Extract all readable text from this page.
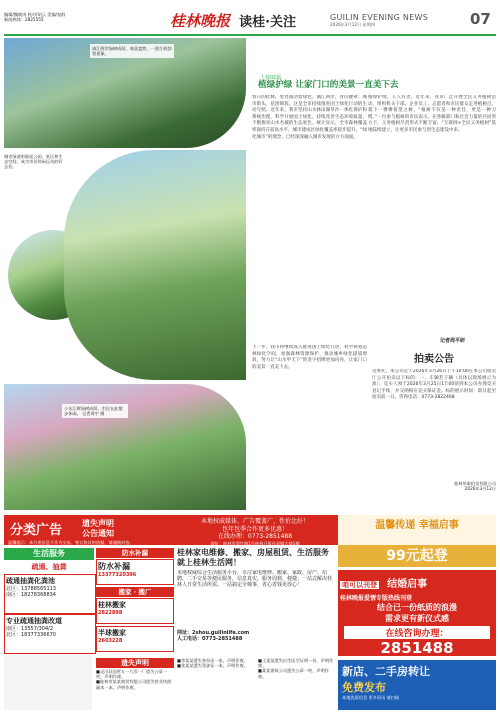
编辑/魏晓涛 校对/胡云 美编/莫群
新闻热线：2825555	桂林晚报 读桂·关注	GUILIN EVENING NEWS
2026年3月12日 星期四	07
漓江两岸绿树成荫，春意盎然，一派生机勃勃景象。
城市绿道串联起公园、景区和生态空间，成为市民休闲运动的好去处。
小东江畔绿树成荫，市民在此散步休闲。 记者周宇 摄
上接01版
植绿护绿 让家门口的美景一直美下去
春日的桂林，处处涌动着绿色。漓江两岸，青山叠翠；城市街头，花团锦簇。这是全市持续推进国土绿化行动的生动写照。近年来，我市坚持山水林田湖草沙一体化保护和系统治理，科学开展国土绿化，持续改善生态环境质量，不断擦亮山水名城的生态底色。统计显示，全市森林覆盖率保持在较高水平，城市建成区绿化覆盖率稳步提升。“绿化城市”的理念，已经深深融入城市发展的方方面面。
植绿护绿，人人有责。近年来，我市广泛开展全民义务植树活动，组织机关干部、企业员工、志愿者和市民群众走进植树点，栽下一棵棵希望之树。“植树不仅是一种责任，更是一种习惯。”一位参与植树的市民表示。在各级部门和社会力量的共同努力下，义务植树尽责形式不断丰富，“互联网+全民义务植树”基地陆续建立，让更多市民参与到生态建设中来。
下一步，我市将继续深入推进国土绿化行动，科学规划造林绿化空间，加强森林资源保护，推动城乡绿化提质增效，努力让“山水甲天下”的金字招牌更加闪亮，让家门口的美景一直美下去。
记者周平研
拍卖公告
受委托，本公司定于2026年3月26日上午10:00在本公司拍卖厅公开拍卖以下标的：一、车辆若干辆（具体以现场展示为准）。竞买人须于2026年3月25日17:00前到本公司办理竞买登记手续，并交纳相应竞买保证金。标的展示时间：即日起至拍卖前一日。咨询电话：0773-2822468
桂林华泰拍卖有限公司
2026年3月12日
分类广告 遗失声明
公告通知
温馨提示：本分类信息不作为交易、签订协议的依据，请谨慎对待。
本地权威媒体、广告覆盖广、性价比好！
包年包季合作更多优惠！
在线办理：0773-2851488
地址：桂林市翠竹路1号桂林日报社采编大楼1楼
温馨传递 幸福启事
99元起登
生活服务
疏通、抽粪
疏通抽粪化粪池
北区：13788565113
南区：18278368834
专业疏通抽粪改道
南区：13557/304/2
北区：18377336670
防水补漏
防水补漏
13377320396
搬家 · 搬厂
桂林搬家
2822898
半球搬家
2603228
桂林家电维修、搬家、房屋租赁、生活服务就上桂林生活网！
本地权威综合生活服务平台，专注家电维修、搬家、家政、房产、招聘、二手交易等便民服务，信息真实，服务周到，便捷、一站式解决桂林人日常生活所需。一站搞定全城事，省心省钱更放心！
网址：2shou.guilinlife.com
人工电话：0773-2851488
咱可以刊登 结婚启事
桂林晚报爱情专版热线刊登
结合已一份纸质的浪漫
需求更有新仪式感
在线咨询办理：
2851488
遗失声明
■灵川县国营五一九零一厂遗失公章一枚，声明作废。
■桂林市某某商贸有限公司遗失营业执照副本一本，声明作废。
■李某某遗失身份证一张，声明作废。
■张某某遗失驾驶证一本，声明作废。
■王某某遗失出生医学证明一份，声明作废。
■某某建筑公司遗失公章一枚，声明作废。	新店、二手房转让
免费发布
本地优质信息 更多资讯 请扫描
